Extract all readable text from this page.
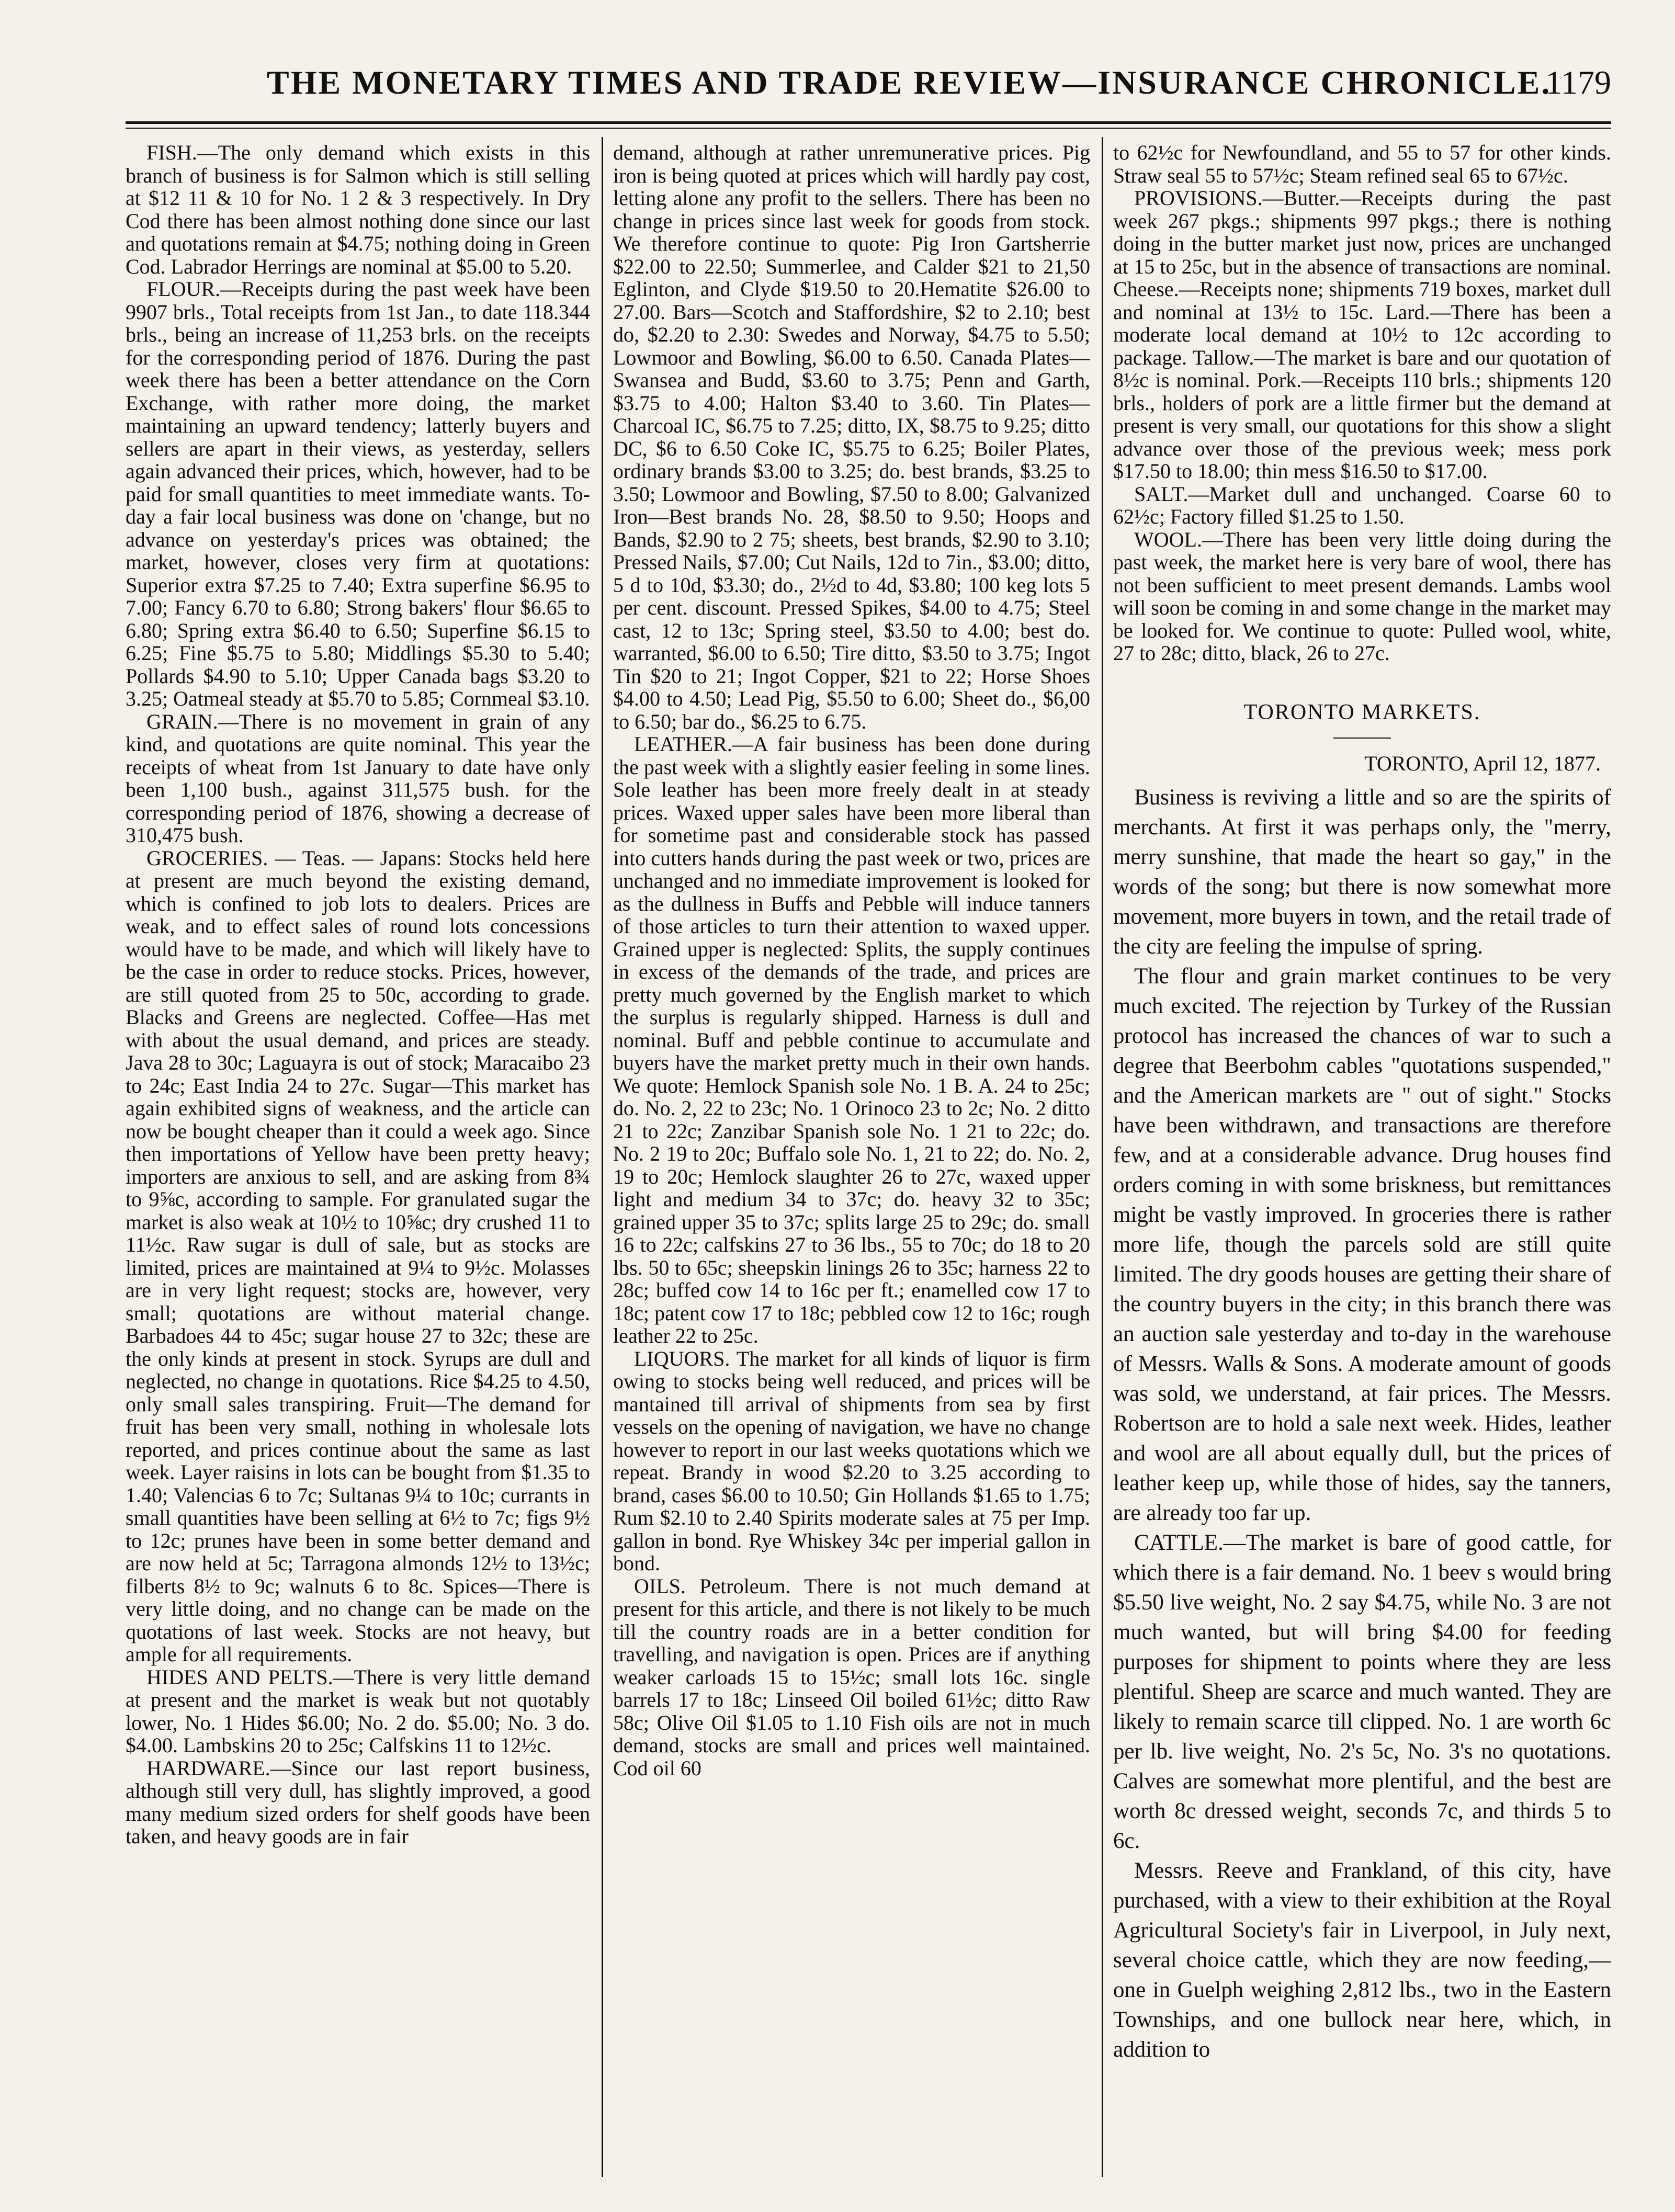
THE MONETARY TIMES AND TRADE REVIEW—INSURANCE CHRONICLE.
1179

FISH.—The only demand which exists in this branch of business is for Salmon which is still selling at $12 11 & 10 for No. 1 2 & 3 respectively. In Dry Cod there has been almost nothing done since our last and quotations remain at $4.75; nothing doing in Green Cod. Labrador Herrings are nominal at $5.00 to 5.20.

FLOUR.—Receipts during the past week have been 9907 brls., Total receipts from 1st Jan., to date 118.344 brls., being an increase of 11,253 brls. on the receipts for the corresponding period of 1876. During the past week there has been a better attendance on the Corn Exchange, with rather more doing, the market maintaining an upward tendency; latterly buyers and sellers are apart in their views, as yesterday, sellers again advanced their prices, which, however, had to be paid for small quantities to meet immediate wants. To-day a fair local business was done on 'change, but no advance on yesterday's prices was obtained; the market, however, closes very firm at quotations: Superior extra $7.25 to 7.40; Extra superfine $6.95 to 7.00; Fancy 6.70 to 6.80; Strong bakers' flour $6.65 to 6.80; Spring extra $6.40 to 6.50; Superfine $6.15 to 6.25; Fine $5.75 to 5.80; Middlings $5.30 to 5.40; Pollards $4.90 to 5.10; Upper Canada bags $3.20 to 3.25; Oatmeal steady at $5.70 to 5.85; Cornmeal $3.10.

GRAIN.—There is no movement in grain of any kind, and quotations are quite nominal. This year the receipts of wheat from 1st January to date have only been 1,100 bush., against 311,575 bush. for the corresponding period of 1876, showing a decrease of 310,475 bush.

GROCERIES. — Teas. — Japans: Stocks held here at present are much beyond the existing demand, which is confined to job lots to dealers. Prices are weak, and to effect sales of round lots concessions would have to be made, and which will likely have to be the case in order to reduce stocks. Prices, however, are still quoted from 25 to 50c, according to grade. Blacks and Greens are neglected. Coffee—Has met with about the usual demand, and prices are steady. Java 28 to 30c; Laguayra is out of stock; Maracaibo 23 to 24c; East India 24 to 27c. Sugar—This market has again exhibited signs of weakness, and the article can now be bought cheaper than it could a week ago. Since then importations of Yellow have been pretty heavy; importers are anxious to sell, and are asking from 8¾ to 9⅝c, according to sample. For granulated sugar the market is also weak at 10½ to 10⅝c; dry crushed 11 to 11½c. Raw sugar is dull of sale, but as stocks are limited, prices are maintained at 9¼ to 9½c. Molasses are in very light request; stocks are, however, very small; quotations are without material change. Barbadoes 44 to 45c; sugar house 27 to 32c; these are the only kinds at present in stock. Syrups are dull and neglected, no change in quotations. Rice $4.25 to 4.50, only small sales transpiring. Fruit—The demand for fruit has been very small, nothing in wholesale lots reported, and prices continue about the same as last week. Layer raisins in lots can be bought from $1.35 to 1.40; Valencias 6 to 7c; Sultanas 9¼ to 10c; currants in small quantities have been selling at 6½ to 7c; figs 9½ to 12c; prunes have been in some better demand and are now held at 5c; Tarragona almonds 12½ to 13½c; filberts 8½ to 9c; walnuts 6 to 8c. Spices—There is very little doing, and no change can be made on the quotations of last week. Stocks are not heavy, but ample for all requirements.

HIDES AND PELTS.—There is very little demand at present and the market is weak but not quotably lower, No. 1 Hides $6.00; No. 2 do. $5.00; No. 3 do. $4.00. Lambskins 20 to 25c; Calfskins 11 to 12½c.

HARDWARE.—Since our last report business, although still very dull, has slightly improved, a good many medium sized orders for shelf goods have been taken, and heavy goods are in fair

demand, although at rather unremunerative prices. Pig iron is being quoted at prices which will hardly pay cost, letting alone any profit to the sellers. There has been no change in prices since last week for goods from stock. We therefore continue to quote: Pig Iron Gartsherrie $22.00 to 22.50; Summerlee, and Calder $21 to 21,50 Eglinton, and Clyde $19.50 to 20.Hematite $26.00 to 27.00. Bars—Scotch and Staffordshire, $2 to 2.10; best do, $2.20 to 2.30: Swedes and Norway, $4.75 to 5.50; Lowmoor and Bowling, $6.00 to 6.50. Canada Plates—Swansea and Budd, $3.60 to 3.75; Penn and Garth, $3.75 to 4.00; Halton $3.40 to 3.60. Tin Plates—Charcoal IC, $6.75 to 7.25; ditto, IX, $8.75 to 9.25; ditto DC, $6 to 6.50 Coke IC, $5.75 to 6.25; Boiler Plates, ordinary brands $3.00 to 3.25; do. best brands, $3.25 to 3.50; Lowmoor and Bowling, $7.50 to 8.00; Galvanized Iron—Best brands No. 28, $8.50 to 9.50; Hoops and Bands, $2.90 to 2 75; sheets, best brands, $2.90 to 3.10; Pressed Nails, $7.00; Cut Nails, 12d to 7in., $3.00; ditto, 5 d to 10d, $3.30; do., 2½d to 4d, $3.80; 100 keg lots 5 per cent. discount. Pressed Spikes, $4.00 to 4.75; Steel cast, 12 to 13c; Spring steel, $3.50 to 4.00; best do. warranted, $6.00 to 6.50; Tire ditto, $3.50 to 3.75; Ingot Tin $20 to 21; Ingot Copper, $21 to 22; Horse Shoes $4.00 to 4.50; Lead Pig, $5.50 to 6.00; Sheet do., $6,00 to 6.50; bar do., $6.25 to 6.75.

LEATHER.—A fair business has been done during the past week with a slightly easier feeling in some lines. Sole leather has been more freely dealt in at steady prices. Waxed upper sales have been more liberal than for sometime past and considerable stock has passed into cutters hands during the past week or two, prices are unchanged and no immediate improvement is looked for as the dullness in Buffs and Pebble will induce tanners of those articles to turn their attention to waxed upper. Grained upper is neglected: Splits, the supply continues in excess of the demands of the trade, and prices are pretty much governed by the English market to which the surplus is regularly shipped. Harness is dull and nominal. Buff and pebble continue to accumulate and buyers have the market pretty much in their own hands. We quote: Hemlock Spanish sole No. 1 B. A. 24 to 25c; do. No. 2, 22 to 23c; No. 1 Orinoco 23 to 2c; No. 2 ditto 21 to 22c; Zanzibar Spanish sole No. 1 21 to 22c; do. No. 2 19 to 20c; Buffalo sole No. 1, 21 to 22; do. No. 2, 19 to 20c; Hemlock slaughter 26 to 27c, waxed upper light and medium 34 to 37c; do. heavy 32 to 35c; grained upper 35 to 37c; splits large 25 to 29c; do. small 16 to 22c; calfskins 27 to 36 lbs., 55 to 70c; do 18 to 20 lbs. 50 to 65c; sheepskin linings 26 to 35c; harness 22 to 28c; buffed cow 14 to 16c per ft.; enamelled cow 17 to 18c; patent cow 17 to 18c; pebbled cow 12 to 16c; rough leather 22 to 25c.

LIQUORS. The market for all kinds of liquor is firm owing to stocks being well reduced, and prices will be mantained till arrival of shipments from sea by first vessels on the opening of navigation, we have no change however to report in our last weeks quotations which we repeat. Brandy in wood $2.20 to 3.25 according to brand, cases $6.00 to 10.50; Gin Hollands $1.65 to 1.75; Rum $2.10 to 2.40 Spirits moderate sales at 75 per Imp. gallon in bond. Rye Whiskey 34c per imperial gallon in bond.

OILS. Petroleum. There is not much demand at present for this article, and there is not likely to be much till the country roads are in a better condition for travelling, and navigation is open. Prices are if anything weaker carloads 15 to 15½c; small lots 16c. single barrels 17 to 18c; Linseed Oil boiled 61½c; ditto Raw 58c; Olive Oil $1.05 to 1.10 Fish oils are not in much demand, stocks are small and prices well maintained. Cod oil 60

to 62½c for Newfoundland, and 55 to 57 for other kinds. Straw seal 55 to 57½c; Steam refined seal 65 to 67½c.

PROVISIONS.—Butter.—Receipts during the past week 267 pkgs.; shipments 997 pkgs.; there is nothing doing in the butter market just now, prices are unchanged at 15 to 25c, but in the absence of transactions are nominal. Cheese.—Receipts none; shipments 719 boxes, market dull and nominal at 13½ to 15c. Lard.—There has been a moderate local demand at 10½ to 12c according to package. Tallow.—The market is bare and our quotation of 8½c is nominal. Pork.—Receipts 110 brls.; shipments 120 brls., holders of pork are a little firmer but the demand at present is very small, our quotations for this show a slight advance over those of the previous week; mess pork $17.50 to 18.00; thin mess $16.50 to $17.00.

SALT.—Market dull and unchanged. Coarse 60 to 62½c; Factory filled $1.25 to 1.50.

WOOL.—There has been very little doing during the past week, the market here is very bare of wool, there has not been sufficient to meet present demands. Lambs wool will soon be coming in and some change in the market may be looked for. We continue to quote: Pulled wool, white, 27 to 28c; ditto, black, 26 to 27c.

TORONTO MARKETS.
TORONTO, April 12, 1877.

Business is reviving a little and so are the spirits of merchants. At first it was perhaps only, the "merry, merry sunshine, that made the heart so gay," in the words of the song; but there is now somewhat more movement, more buyers in town, and the retail trade of the city are feeling the impulse of spring.

The flour and grain market continues to be very much excited. The rejection by Turkey of the Russian protocol has increased the chances of war to such a degree that Beerbohm cables "quotations suspended," and the American markets are " out of sight." Stocks have been withdrawn, and transactions are therefore few, and at a considerable advance. Drug houses find orders coming in with some briskness, but remittances might be vastly improved. In groceries there is rather more life, though the parcels sold are still quite limited. The dry goods houses are getting their share of the country buyers in the city; in this branch there was an auction sale yesterday and to-day in the warehouse of Messrs. Walls & Sons. A moderate amount of goods was sold, we understand, at fair prices. The Messrs. Robertson are to hold a sale next week. Hides, leather and wool are all about equally dull, but the prices of leather keep up, while those of hides, say the tanners, are already too far up.

CATTLE.—The market is bare of good cattle, for which there is a fair demand. No. 1 beev s would bring $5.50 live weight, No. 2 say $4.75, while No. 3 are not much wanted, but will bring $4.00 for feeding purposes for shipment to points where they are less plentiful. Sheep are scarce and much wanted. They are likely to remain scarce till clipped. No. 1 are worth 6c per lb. live weight, No. 2's 5c, No. 3's no quotations. Calves are somewhat more plentiful, and the best are worth 8c dressed weight, seconds 7c, and thirds 5 to 6c.

Messrs. Reeve and Frankland, of this city, have purchased, with a view to their exhibition at the Royal Agricultural Society's fair in Liverpool, in July next, several choice cattle, which they are now feeding,—one in Guelph weighing 2,812 lbs., two in the Eastern Townships, and one bullock near here, which, in addition to
